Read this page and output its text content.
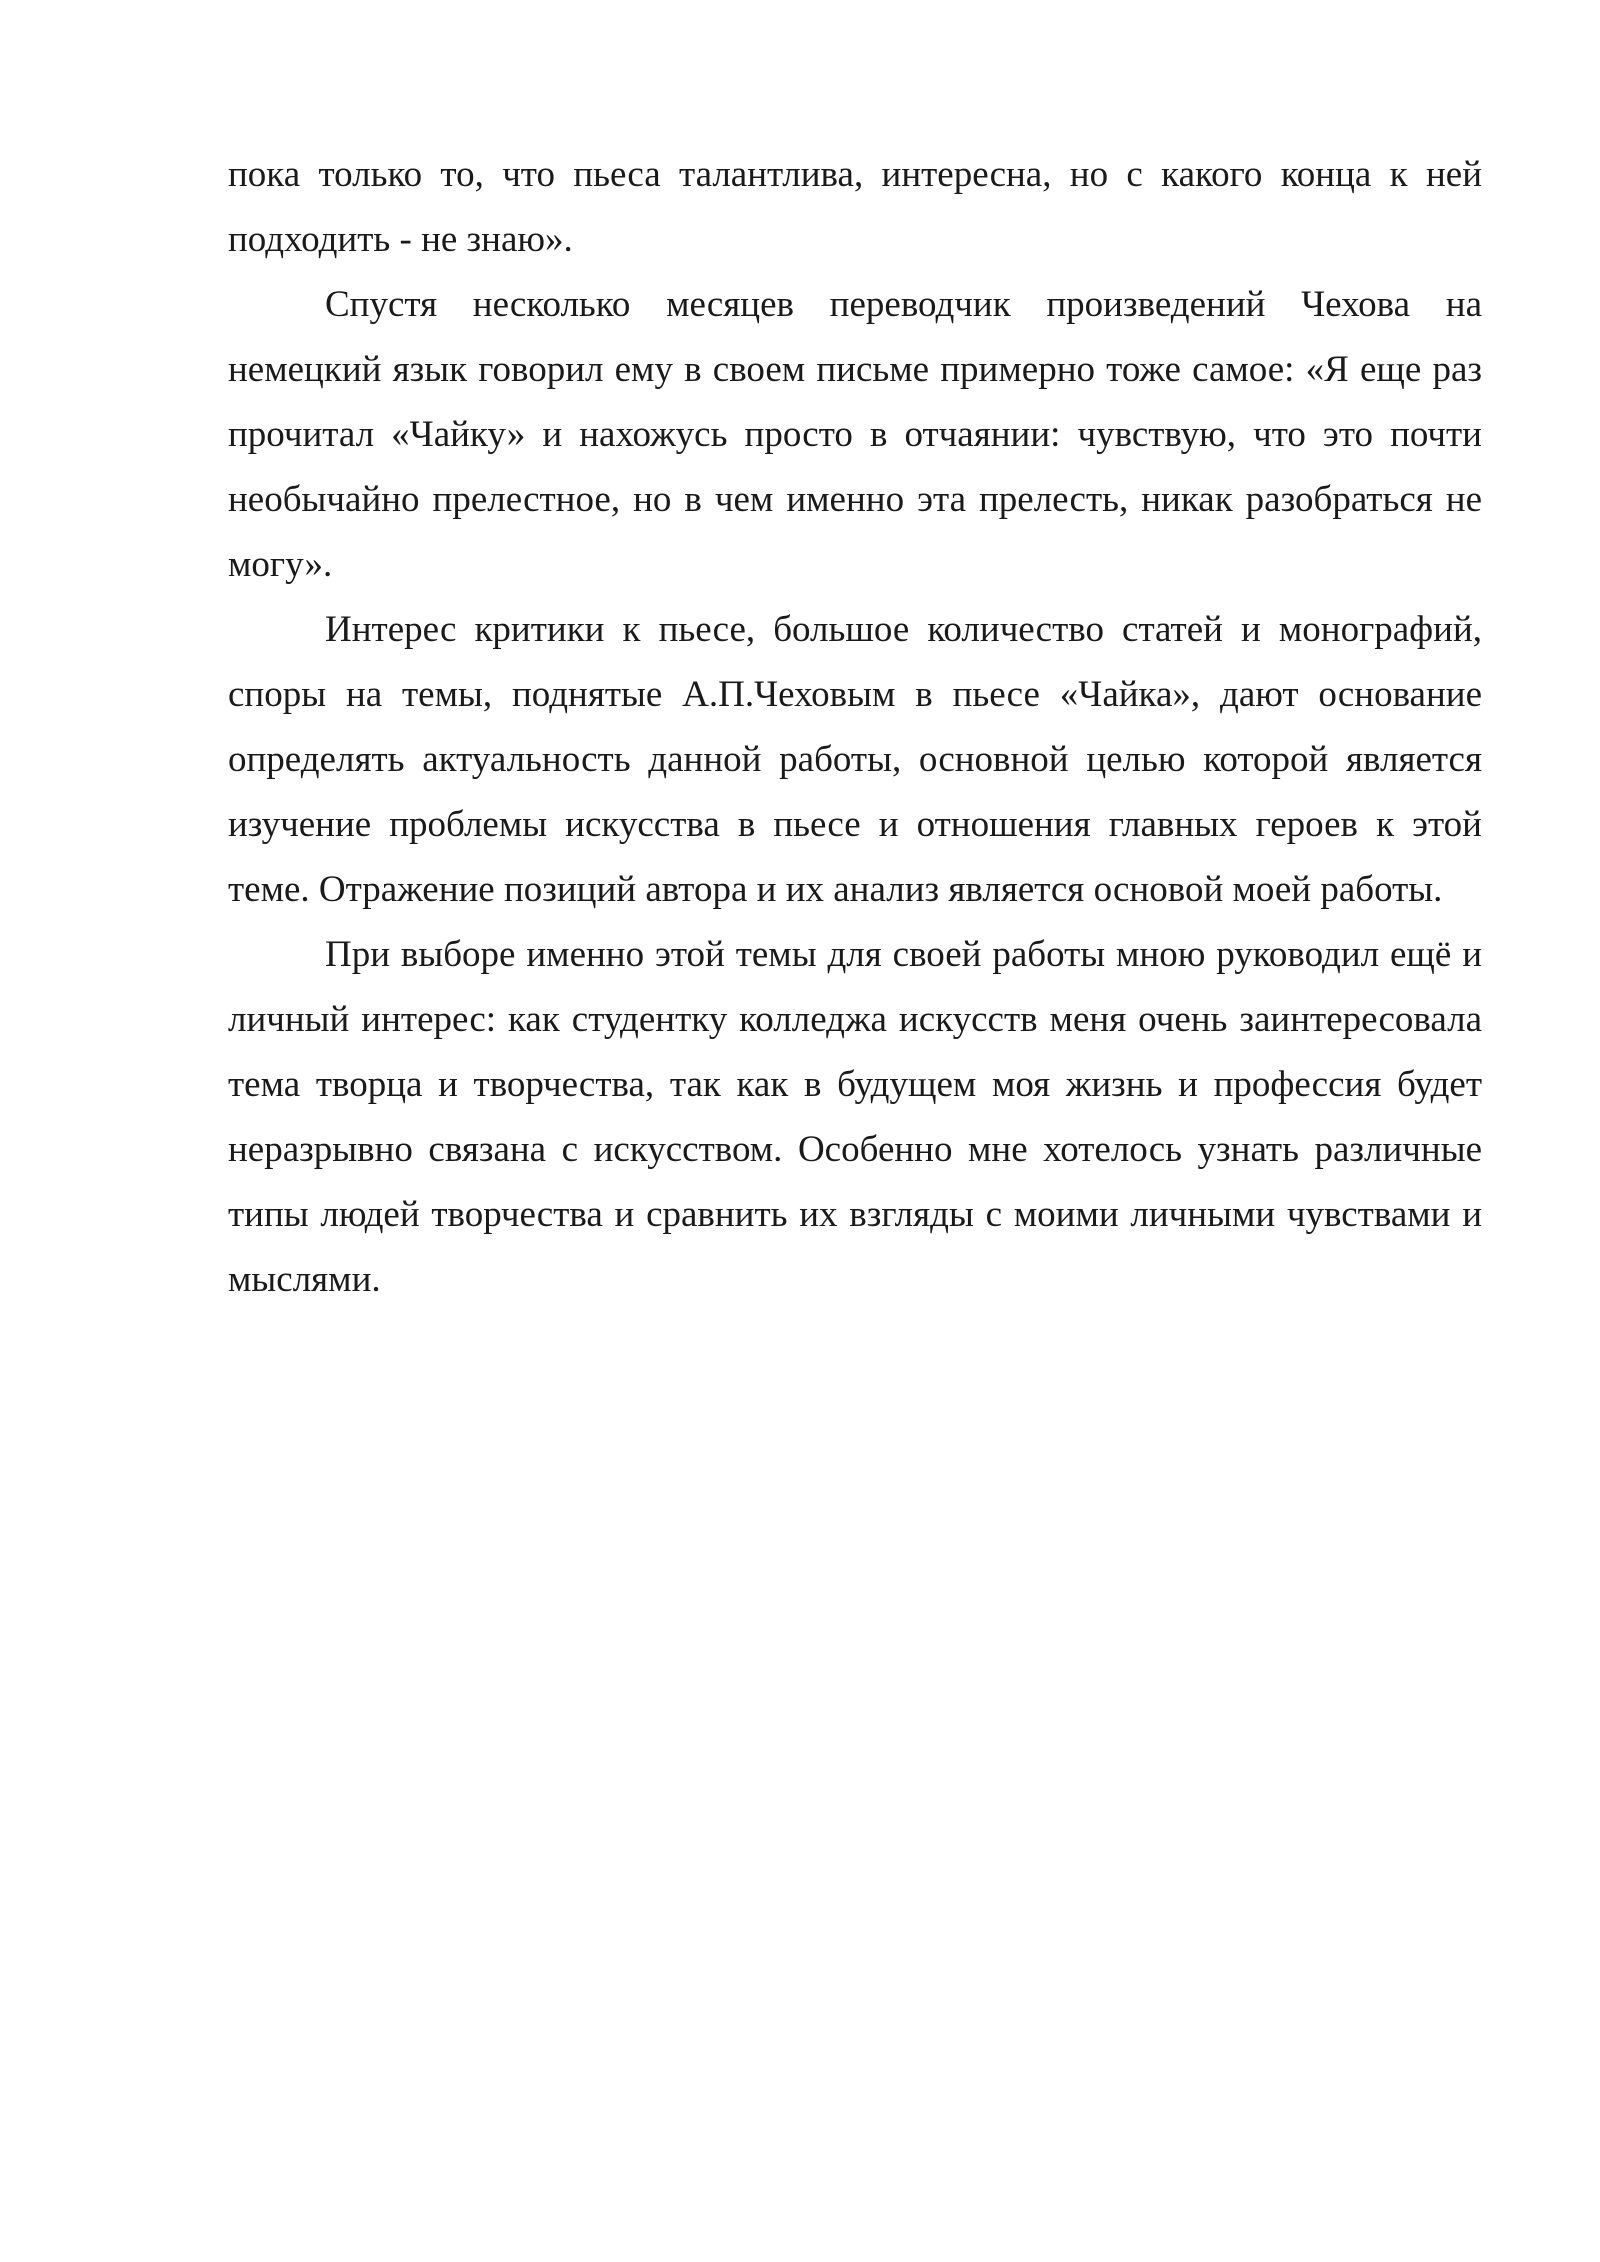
пока только то, что пьеса талантлива, интересна, но с какого конца к ней подходить - не знаю».

Спустя несколько месяцев переводчик произведений Чехова на немецкий язык говорил ему в своем письме примерно тоже самое: «Я еще раз прочитал «Чайку» и нахожусь просто в отчаянии: чувствую, что это почти необычайно прелестное, но в чем именно эта прелесть, никак разобраться не могу».

Интерес критики к пьесе, большое количество статей и монографий, споры на темы, поднятые А.П.Чеховым в пьесе «Чайка», дают основание определять актуальность данной работы, основной целью которой является изучение проблемы искусства в пьесе и отношения главных героев к этой теме. Отражение позиций автора и их анализ является основой моей работы.

При выборе именно этой темы для своей работы мною руководил ещё и личный интерес: как студентку колледжа искусств меня очень заинтересовала тема творца и творчества, так как в будущем моя жизнь и профессия будет неразрывно связана с искусством. Особенно мне хотелось узнать различные типы людей творчества и сравнить их взгляды с моими личными чувствами и мыслями.
